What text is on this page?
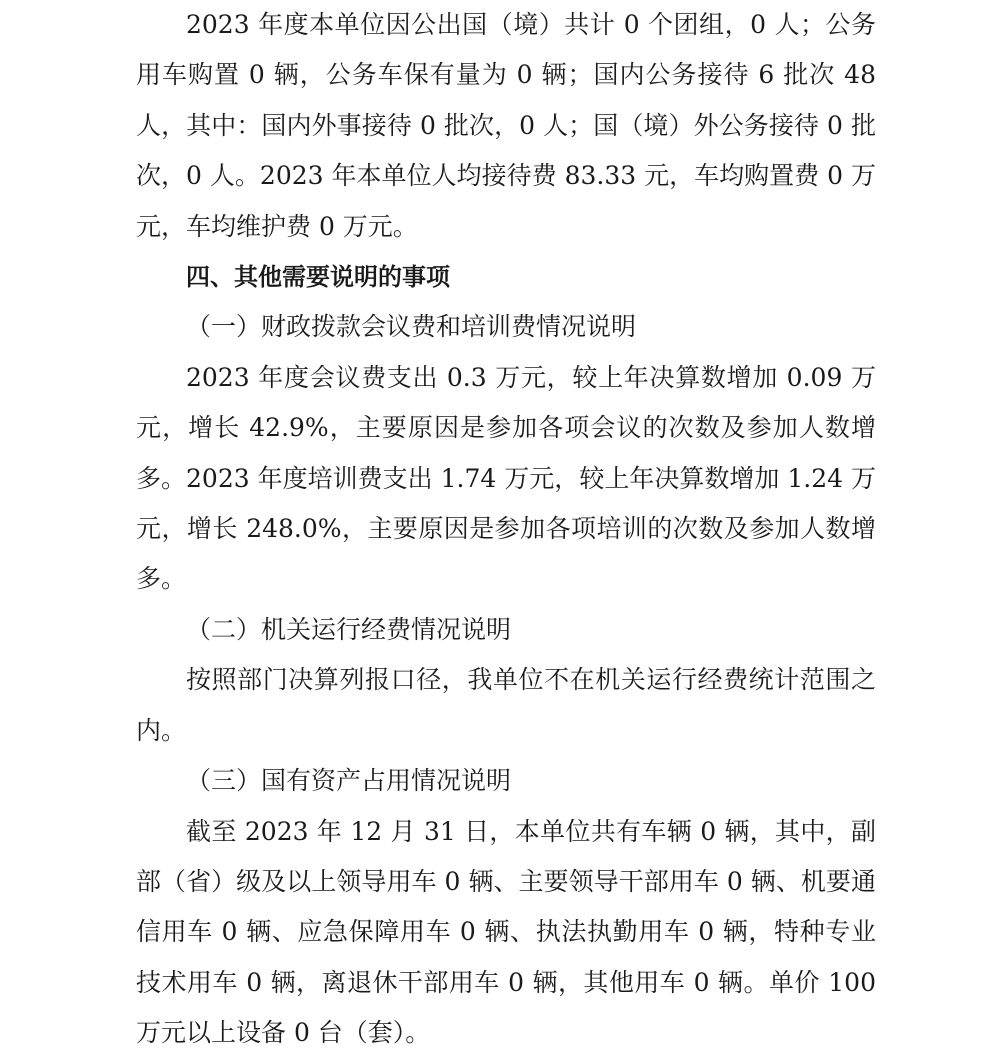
2023 年度本单位因公出国（境）共计 0 个团组，0 人；公务用车购置 0 辆，公务车保有量为 0 辆；国内公务接待 6 批次 48 人，其中：国内外事接待 0 批次，0 人；国（境）外公务接待 0 批次，0 人。2023 年本单位人均接待费 83.33 元，车均购置费 0 万元，车均维护费 0 万元。

四、其他需要说明的事项

（一）财政拨款会议费和培训费情况说明

2023 年度会议费支出 0.3 万元，较上年决算数增加 0.09 万元，增长 42.9%，主要原因是参加各项会议的次数及参加人数增多。2023 年度培训费支出 1.74 万元，较上年决算数增加 1.24 万元，增长 248.0%，主要原因是参加各项培训的次数及参加人数增多。

（二）机关运行经费情况说明

按照部门决算列报口径，我单位不在机关运行经费统计范围之内。

（三）国有资产占用情况说明

截至 2023 年 12 月 31 日，本单位共有车辆 0 辆，其中，副部（省）级及以上领导用车 0 辆、主要领导干部用车 0 辆、机要通信用车 0 辆、应急保障用车 0 辆、执法执勤用车 0 辆，特种专业技术用车 0 辆，离退休干部用车 0 辆，其他用车 0 辆。单价 100 万元以上设备 0 台（套）。
